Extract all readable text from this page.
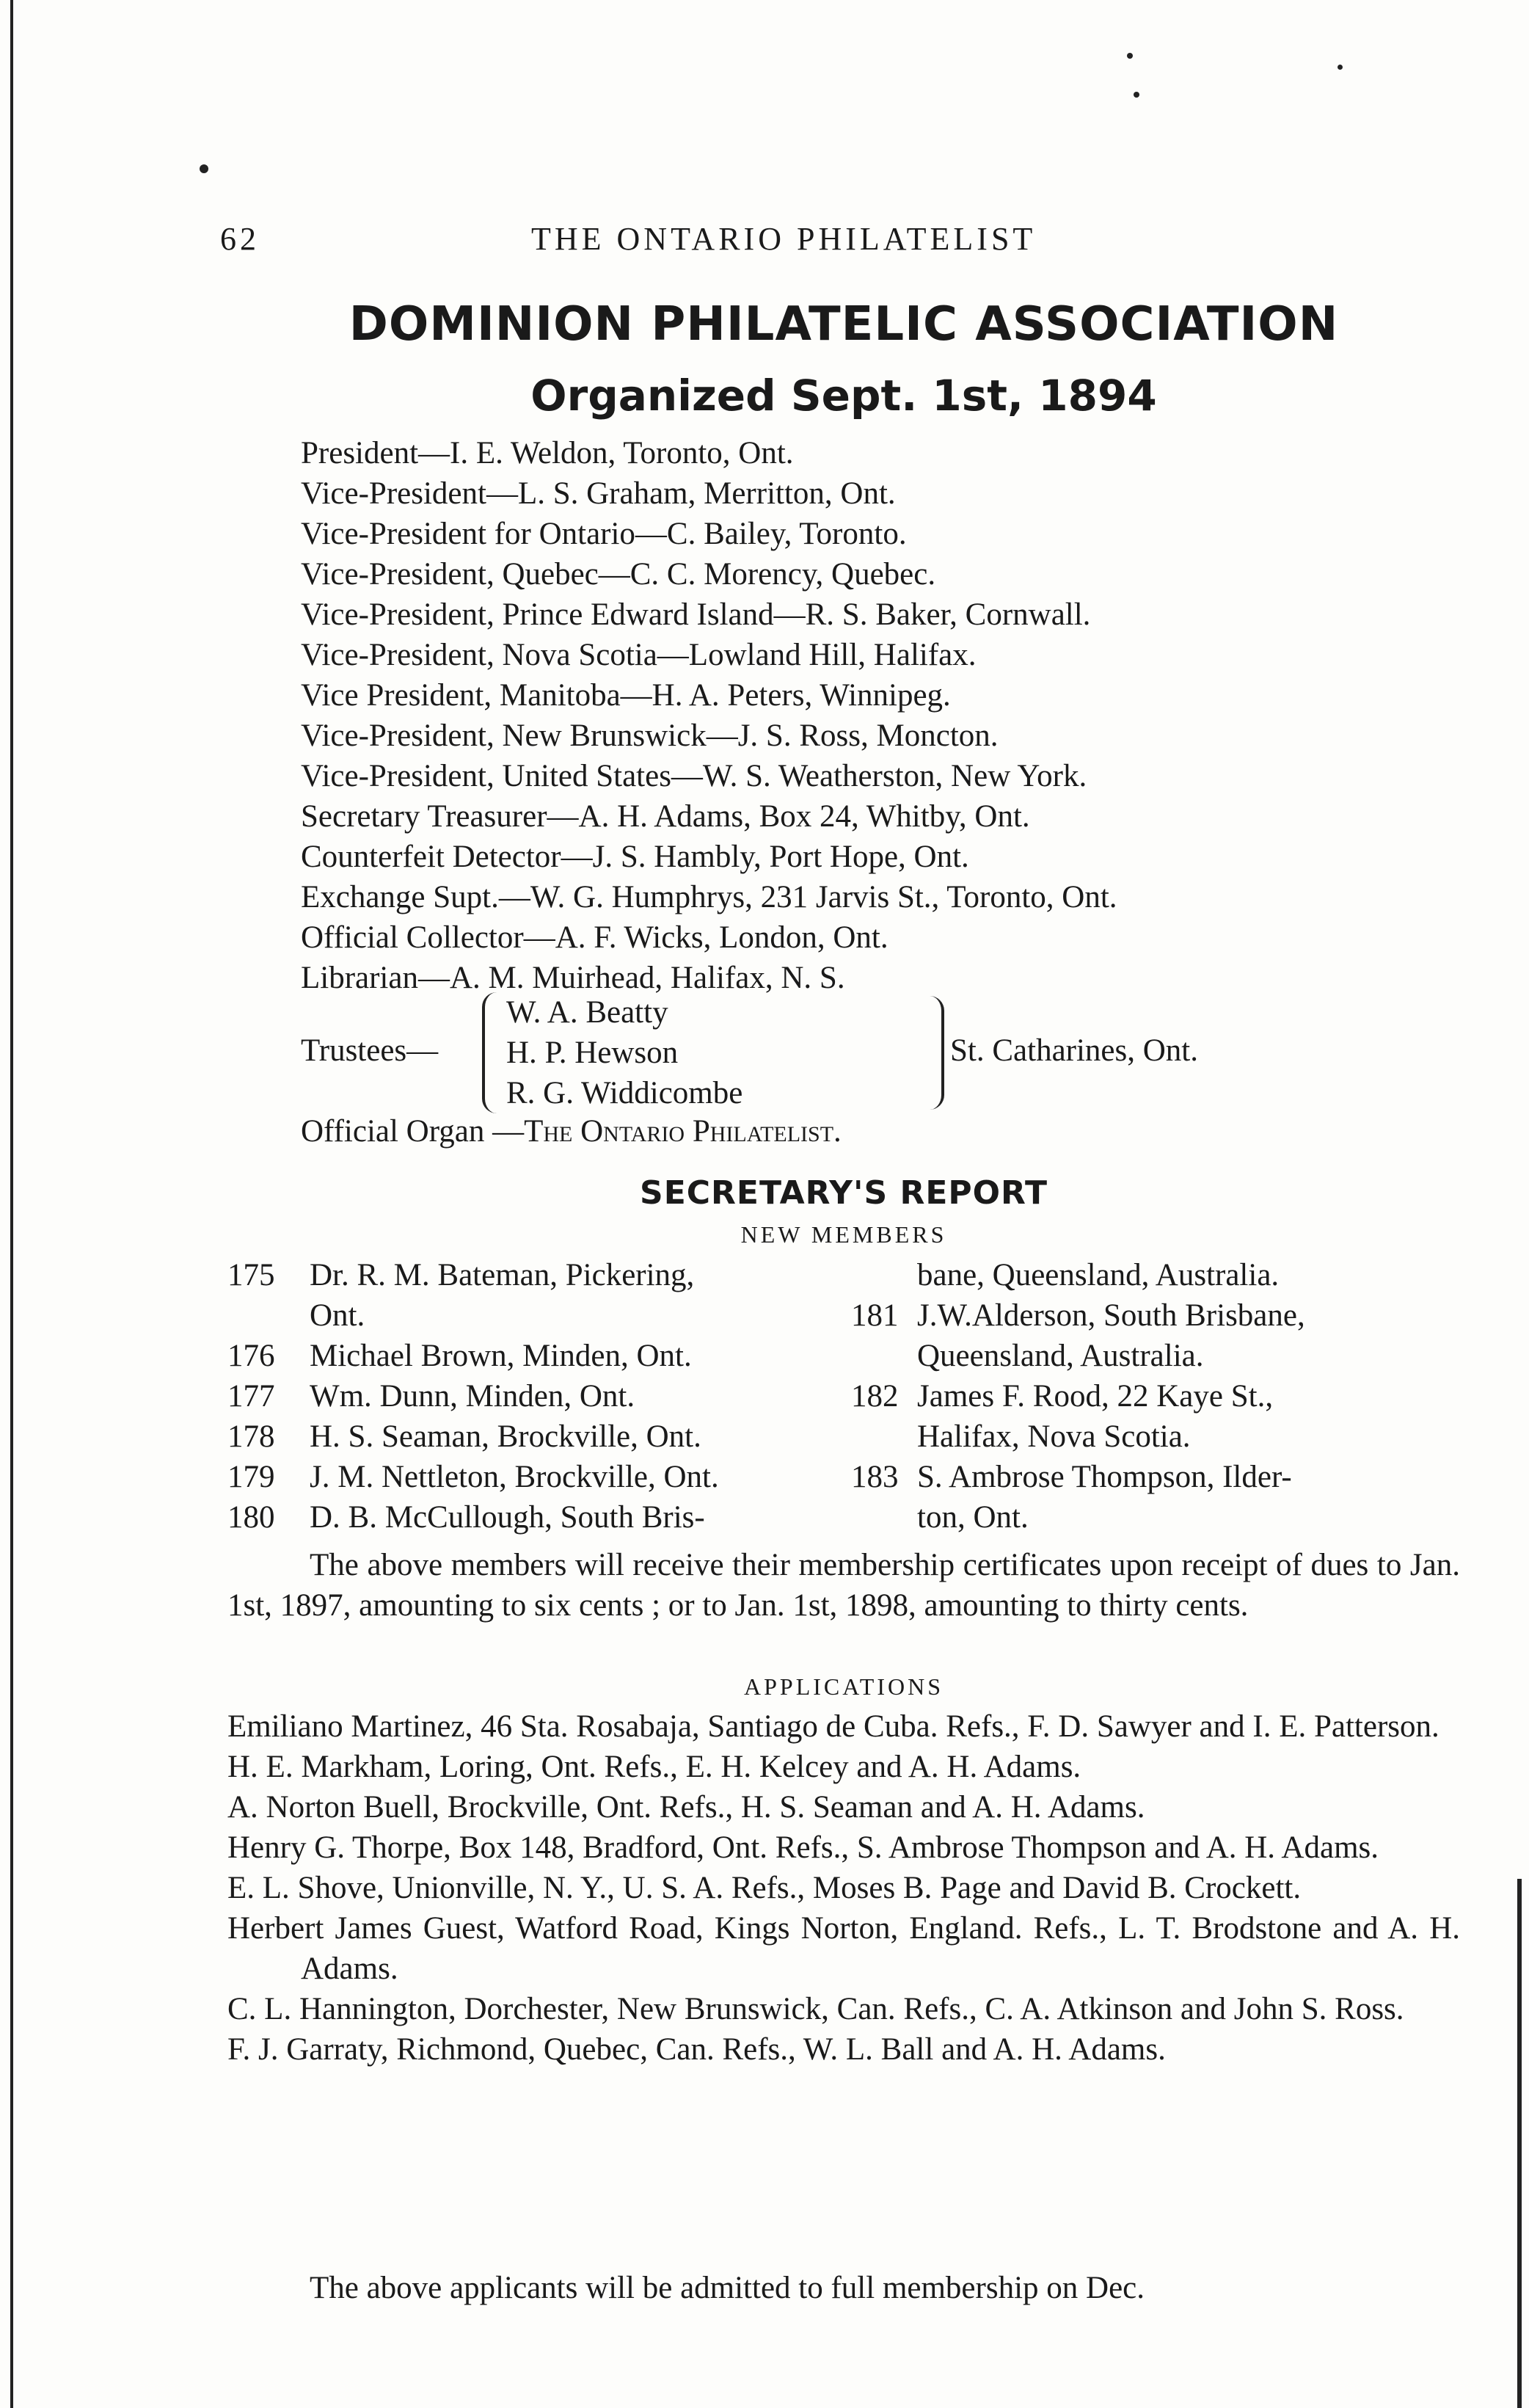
62	THE ONTARIO PHILATELIST
DOMINION PHILATELIC ASSOCIATION
Organized Sept. 1st, 1894
President—I. E. Weldon, Toronto, Ont.
Vice-President—L. S. Graham, Merritton, Ont.
Vice-President for Ontario—C. Bailey, Toronto.
Vice-President, Quebec—C. C. Morency, Quebec.
Vice-President, Prince Edward Island—R. S. Baker, Cornwall.
Vice-President, Nova Scotia—Lowland Hill, Halifax.
Vice President, Manitoba—H. A. Peters, Winnipeg.
Vice-President, New Brunswick—J. S. Ross, Moncton.
Vice-President, United States—W. S. Weatherston, New York.
Secretary Treasurer—A. H. Adams, Box 24, Whitby, Ont.
Counterfeit Detector—J. S. Hambly, Port Hope, Ont.
Exchange Supt.—W. G. Humphrys, 231 Jarvis St., Toronto, Ont.
Official Collector—A. F. Wicks, London, Ont.
Librarian—A. M. Muirhead, Halifax, N. S.
Trustees—
W. A. Beatty
H. P. Hewson
R. G. Widdicombe
St. Catharines, Ont.
Official Organ —The Ontario Philatelist.
SECRETARY'S REPORT
NEW MEMBERS
175 Dr. R. M. Bateman, Pickering,
Ont.
176 Michael Brown, Minden, Ont.
177 Wm. Dunn, Minden, Ont.
178 H. S. Seaman, Brockville, Ont.
179 J. M. Nettleton, Brockville, Ont.
180 D. B. McCullough, South Bris-
bane, Queensland, Australia.
181 J.W.Alderson, South Brisbane,
Queensland, Australia.
182 James F. Rood, 22 Kaye St.,
Halifax, Nova Scotia.
183 S. Ambrose Thompson, Ilder-
ton, Ont.
The above members will receive their membership certificates upon receipt of dues to Jan. 1st, 1897, amounting to six cents ; or to Jan. 1st, 1898, amounting to thirty cents.
APPLICATIONS
Emiliano Martinez, 46 Sta. Rosabaja, Santiago de Cuba. Refs., F. D. Sawyer and I. E. Patterson.
H. E. Markham, Loring, Ont. Refs., E. H. Kelcey and A. H. Adams.
A. Norton Buell, Brockville, Ont. Refs., H. S. Seaman and A. H. Adams.
Henry G. Thorpe, Box 148, Bradford, Ont. Refs., S. Ambrose Thompson and A. H. Adams.
E. L. Shove, Unionville, N. Y., U. S. A. Refs., Moses B. Page and David B. Crockett.
Herbert James Guest, Watford Road, Kings Norton, England. Refs., L. T. Brodstone and A. H. Adams.
C. L. Hannington, Dorchester, New Brunswick, Can. Refs., C. A. Atkinson and John S. Ross.
F. J. Garraty, Richmond, Quebec, Can. Refs., W. L. Ball and A. H. Adams.
The above applicants will be admitted to full membership on Dec.
